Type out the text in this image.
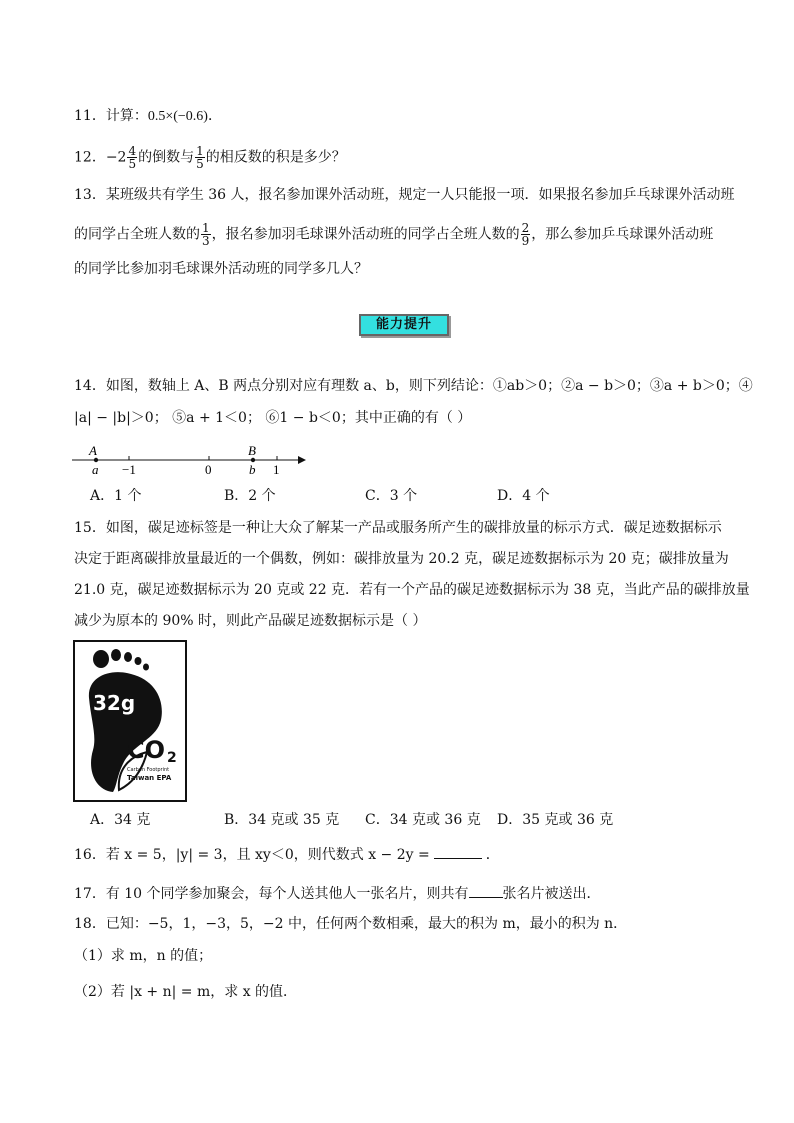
11．计算：0.5×(−0.6)．
12．$-2 \frac{4}{5}$ 的倒数与 $\frac{1}{5}$ 的相反数的积是多少？
13．某班级共有学生 36 人，报名参加课外活动班，规定一人只能报一项．如果报名参加乒乓球课外活动班
的同学占全班人数的 $\frac{1}{3}$ ，报名参加羽毛球课外活动班的同学占全班人数的 $\frac{2}{9}$ ，那么参加乒乓球课外活动班
的同学比参加羽毛球课外活动班的同学多几人？
能力提升
14．如图，数轴上 A、B 两点分别对应有理数 a、b，则下列结论：①ab＞0；②a − b＞0；③a + b＞0；④
|a| − |b|＞0； ⑤a + 1＜0； ⑥1 − b＜0；其中正确的有（ ）
A
a
B
b
−1	0	1
A．1 个	B．2 个	C．3 个	D．4 个
15．如图，碳足迹标签是一种让大众了解某一产品或服务所产生的碳排放量的标示方式．碳足迹数据标示
决定于距离碳排放量最近的一个偶数，例如：碳排放量为 20.2 克，碳足迹数据标示为 20 克；碳排放量为
21.0 克，碳足迹数据标示为 20 克或 22 克．若有一个产品的碳足迹数据标示为 38 克，当此产品的碳排放量
减少为原本的 90% 时，则此产品碳足迹数据标示是（ ）
32g
CO 2
Carbon Footprint
Taiwan EPA
A．34 克	B．34 克或 35 克 C．34 克或 36 克 D．35 克或 36 克
16．若 x = 5，|y| = 3，且 xy＜0，则代数式 x − 2y =	．
17．有 10 个同学参加聚会，每个人送其他人一张名片，则共有 张名片被送出．
18．已知：−5，1，−3，5，−2 中，任何两个数相乘，最大的积为 m，最小的积为 n．
（1）求 m，n 的值；
（2）若 |x + n| = m，求 x 的值．
